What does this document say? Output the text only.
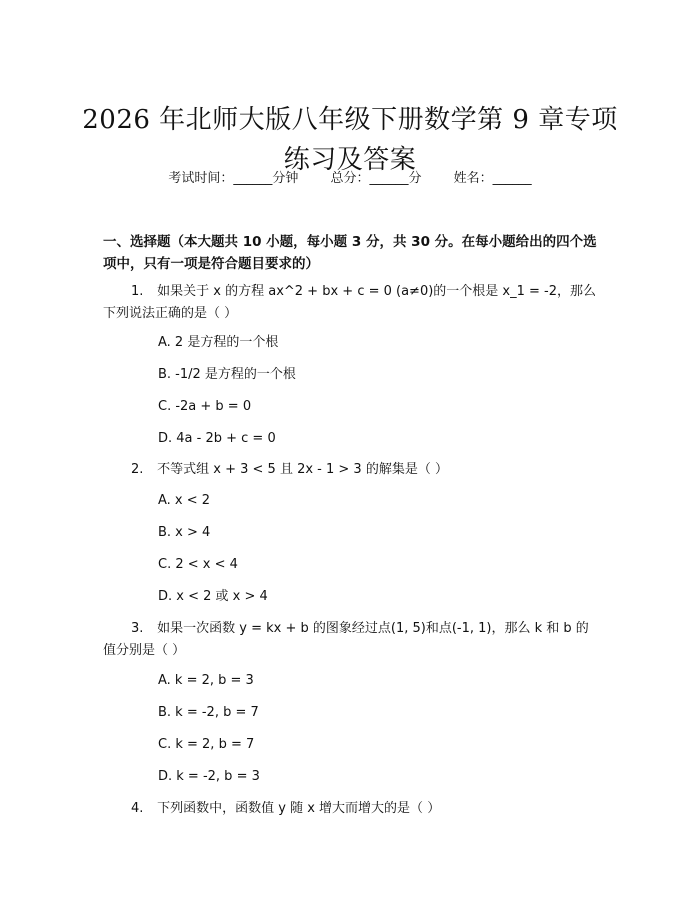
2026 年北师大版八年级下册数学第 9 章专项练习及答案
考试时间：______分钟 总分：______分 姓名：______
一、选择题（本大题共 10 小题，每小题 3 分，共 30 分。在每小题给出的四个选项中，只有一项是符合题目要求的）
1. 如果关于 x 的方程 ax^2 + bx + c = 0 (a≠0)的一个根是 x_1 = -2，那么下列说法正确的是（ ）
A. 2 是方程的一个根
B. -1/2 是方程的一个根
C. -2a + b = 0
D. 4a - 2b + c = 0
2. 不等式组 x + 3 < 5 且 2x - 1 > 3 的解集是（ ）
A. x < 2
B. x > 4
C. 2 < x < 4
D. x < 2 或 x > 4
3. 如果一次函数 y = kx + b 的图象经过点(1, 5)和点(-1, 1)，那么 k 和 b 的值分别是（ ）
A. k = 2, b = 3
B. k = -2, b = 7
C. k = 2, b = 7
D. k = -2, b = 3
4. 下列函数中，函数值 y 随 x 增大而增大的是（ ）
